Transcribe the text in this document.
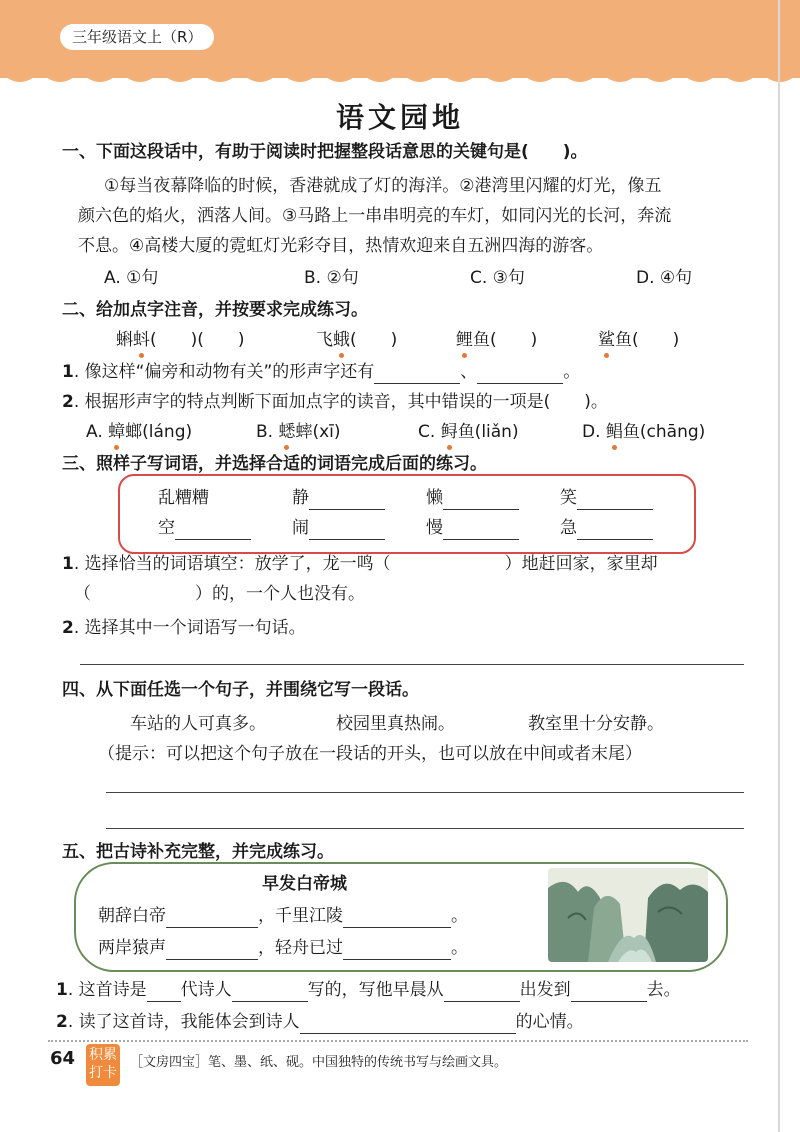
三年级语文上（R）
语文园地
一、下面这段话中，有助于阅读时把握整段话意思的关键句是(　　)。
①每当夜幕降临的时候，香港就成了灯的海洋。②港湾里闪耀的灯光，像五
颜六色的焰火，洒落人间。③马路上一串串明亮的车灯，如同闪光的长河，奔流
不息。④高楼大厦的霓虹灯光彩夺目，热情欢迎来自五洲四海的游客。
A. ①句	B. ②句	C. ③句	D. ④句
二、给加点字注音，并按要求完成练习。
蝌蚪(　　)(　　)	飞蛾(　　)	鲤鱼(　　)	鲨鱼(　　)
1. 像这样“偏旁和动物有关”的形声字还有	、	。
2. 根据形声字的特点判断下面加点字的读音，其中错误的一项是(　　)。
A. 蟑螂(láng)	B. 蟋蟀(xī)	C. 鲟鱼(liǎn)	D. 鲳鱼(chāng)
三、照样子写词语，并选择合适的词语完成后面的练习。
乱糟糟	静	懒	笑
空	闹	慢	急
1. 选择恰当的词语填空：放学了，龙一鸣（	）地赶回家，家里却
（	）的，一个人也没有。
2. 选择其中一个词语写一句话。
四、从下面任选一个句子，并围绕它写一段话。
车站的人可真多。	校园里真热闹。	教室里十分安静。
（提示：可以把这个句子放在一段话的开头，也可以放在中间或者末尾）
五、把古诗补充完整，并完成练习。
早发白帝城
朝辞白帝	，千里江陵	。
两岸猿声	，轻舟已过	。
1. 这首诗是 代诗人	写的，写他早晨从	出发到	去。
2. 读了这首诗，我能体会到诗人	的心情。
64 积累
打卡
［文房四宝］笔、墨、纸、砚。中国独特的传统书写与绘画文具。
